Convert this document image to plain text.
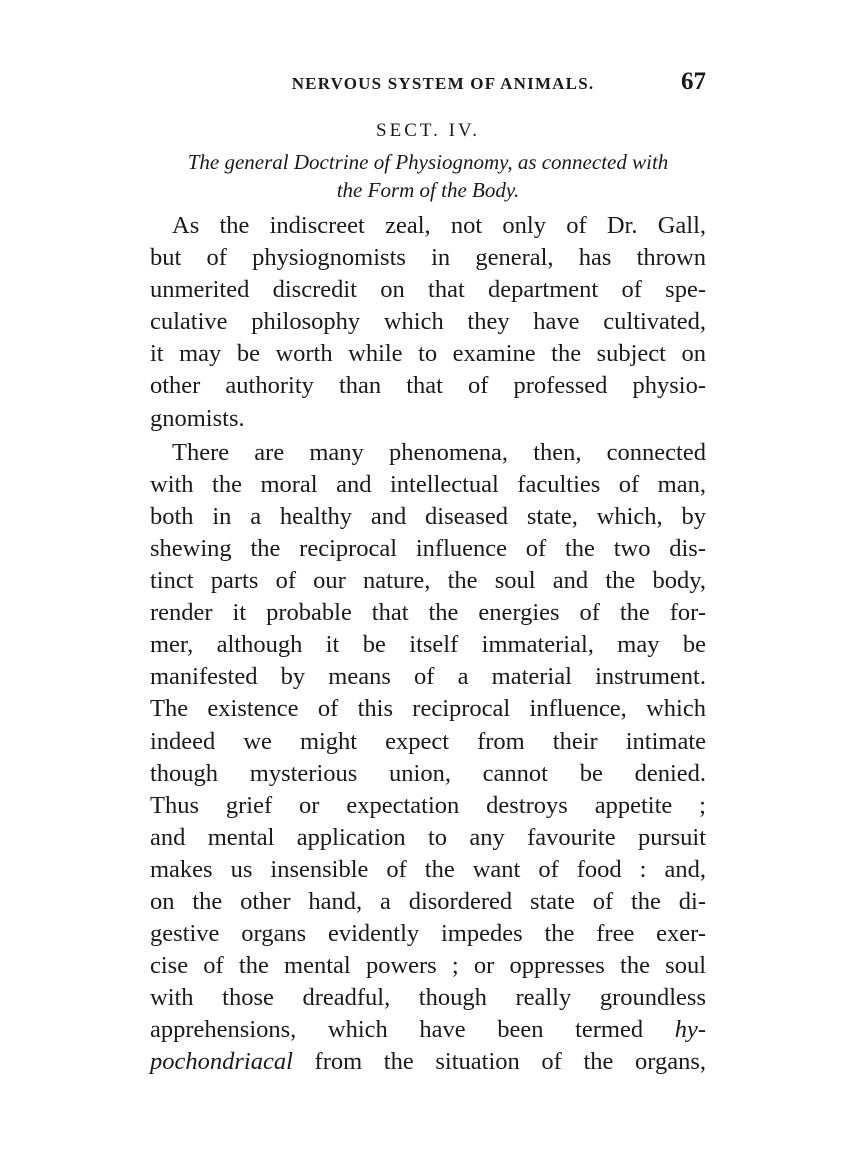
NERVOUS SYSTEM OF ANIMALS.	67
SECT. IV.
The general Doctrine of Physiognomy, as connected with
the Form of the Body.
As the indiscreet zeal, not only of Dr. Gall,
but of physiognomists in general, has thrown
unmerited discredit on that department of spe-
culative philosophy which they have cultivated,
it may be worth while to examine the subject on
other authority than that of professed physio-
gnomists.
There are many phenomena, then, connected
with the moral and intellectual faculties of man,
both in a healthy and diseased state, which, by
shewing the reciprocal influence of the two dis-
tinct parts of our nature, the soul and the body,
render it probable that the energies of the for-
mer, although it be itself immaterial, may be
manifested by means of a material instrument.
The existence of this reciprocal influence, which
indeed we might expect from their intimate
though mysterious union, cannot be denied.
Thus grief or expectation destroys appetite ;
and mental application to any favourite pursuit
makes us insensible of the want of food : and,
on the other hand, a disordered state of the di-
gestive organs evidently impedes the free exer-
cise of the mental powers ; or oppresses the soul
with those dreadful, though really groundless
apprehensions, which have been termed hy-
pochondriacal from the situation of the organs,
